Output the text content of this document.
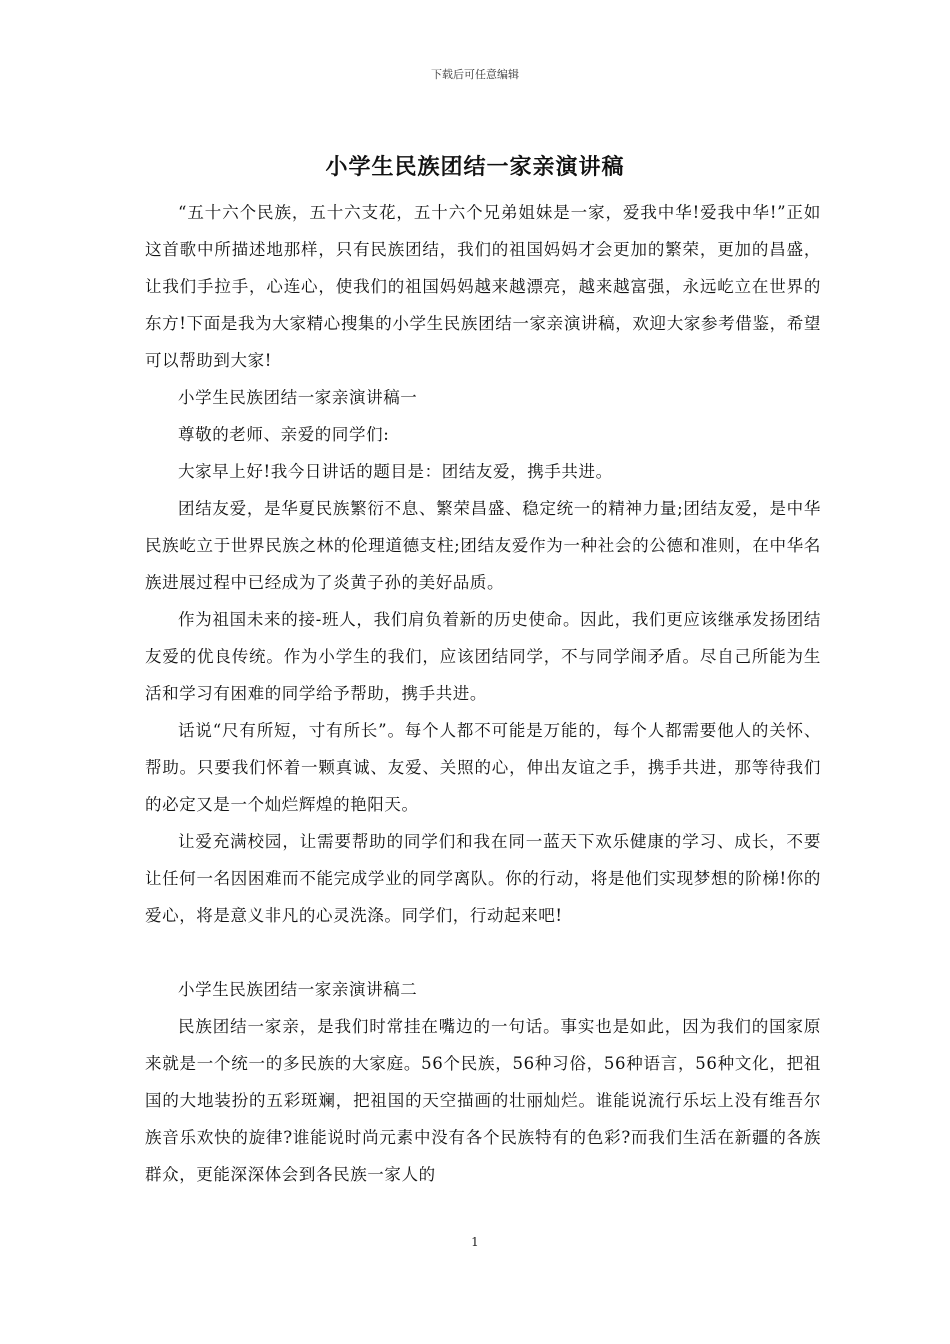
下载后可任意编辑
小学生民族团结一家亲演讲稿

“五十六个民族，五十六支花，五十六个兄弟姐妹是一家，爱我中华!爱我中华!”正如这首歌中所描述地那样，只有民族团结，我们的祖国妈妈才会更加的繁荣，更加的昌盛，让我们手拉手，心连心，使我们的祖国妈妈越来越漂亮，越来越富强，永远屹立在世界的东方!下面是我为大家精心搜集的小学生民族团结一家亲演讲稿，欢迎大家参考借鉴，希望可以帮助到大家!

小学生民族团结一家亲演讲稿一

尊敬的老师、亲爱的同学们:

大家早上好!我今日讲话的题目是：团结友爱，携手共进。

团结友爱，是华夏民族繁衍不息、繁荣昌盛、稳定统一的精神力量;团结友爱，是中华民族屹立于世界民族之林的伦理道德支柱;团结友爱作为一种社会的公德和准则，在中华名族进展过程中已经成为了炎黄子孙的美好品质。

作为祖国未来的接-班人，我们肩负着新的历史使命。因此，我们更应该继承发扬团结友爱的优良传统。作为小学生的我们，应该团结同学，不与同学闹矛盾。尽自己所能为生活和学习有困难的同学给予帮助，携手共进。

话说“尺有所短，寸有所长”。每个人都不可能是万能的，每个人都需要他人的关怀、帮助。只要我们怀着一颗真诚、友爱、关照的心，伸出友谊之手，携手共进，那等待我们的必定又是一个灿烂辉煌的艳阳天。

让爱充满校园，让需要帮助的同学们和我在同一蓝天下欢乐健康的学习、成长，不要让任何一名因困难而不能完成学业的同学离队。你的行动，将是他们实现梦想的阶梯!你的爱心，将是意义非凡的心灵洗涤。同学们，行动起来吧!

小学生民族团结一家亲演讲稿二

民族团结一家亲，是我们时常挂在嘴边的一句话。事实也是如此，因为我们的国家原来就是一个统一的多民族的大家庭。56个民族，56种习俗，56种语言，56种文化，把祖国的大地装扮的五彩斑斓，把祖国的天空描画的壮丽灿烂。谁能说流行乐坛上没有维吾尔族音乐欢快的旋律?谁能说时尚元素中没有各个民族特有的色彩?而我们生活在新疆的各族群众，更能深深体会到各民族一家人的

1
